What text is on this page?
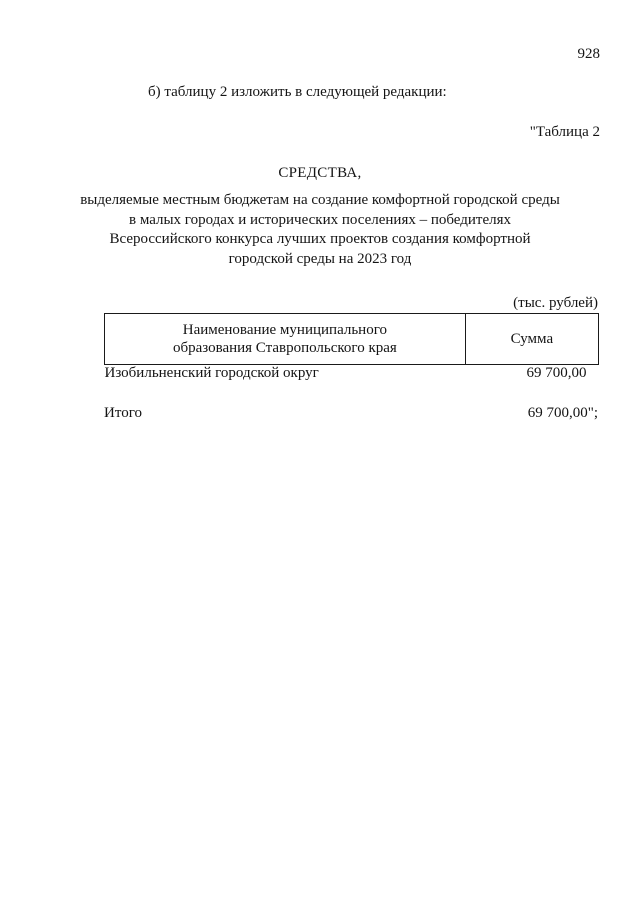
928
б) таблицу 2 изложить в следующей редакции:
"Таблица 2
СРЕДСТВА,
выделяемые местным бюджетам на создание комфортной городской среды в малых городах и исторических поселениях – победителях Всероссийского конкурса лучших проектов создания комфортной городской среды на 2023 год
(тыс. рублей)
Наименование муниципального образования Ставропольского края	Сумма
Изобильненский городской округ	69 700,00
Итого	69 700,00";
